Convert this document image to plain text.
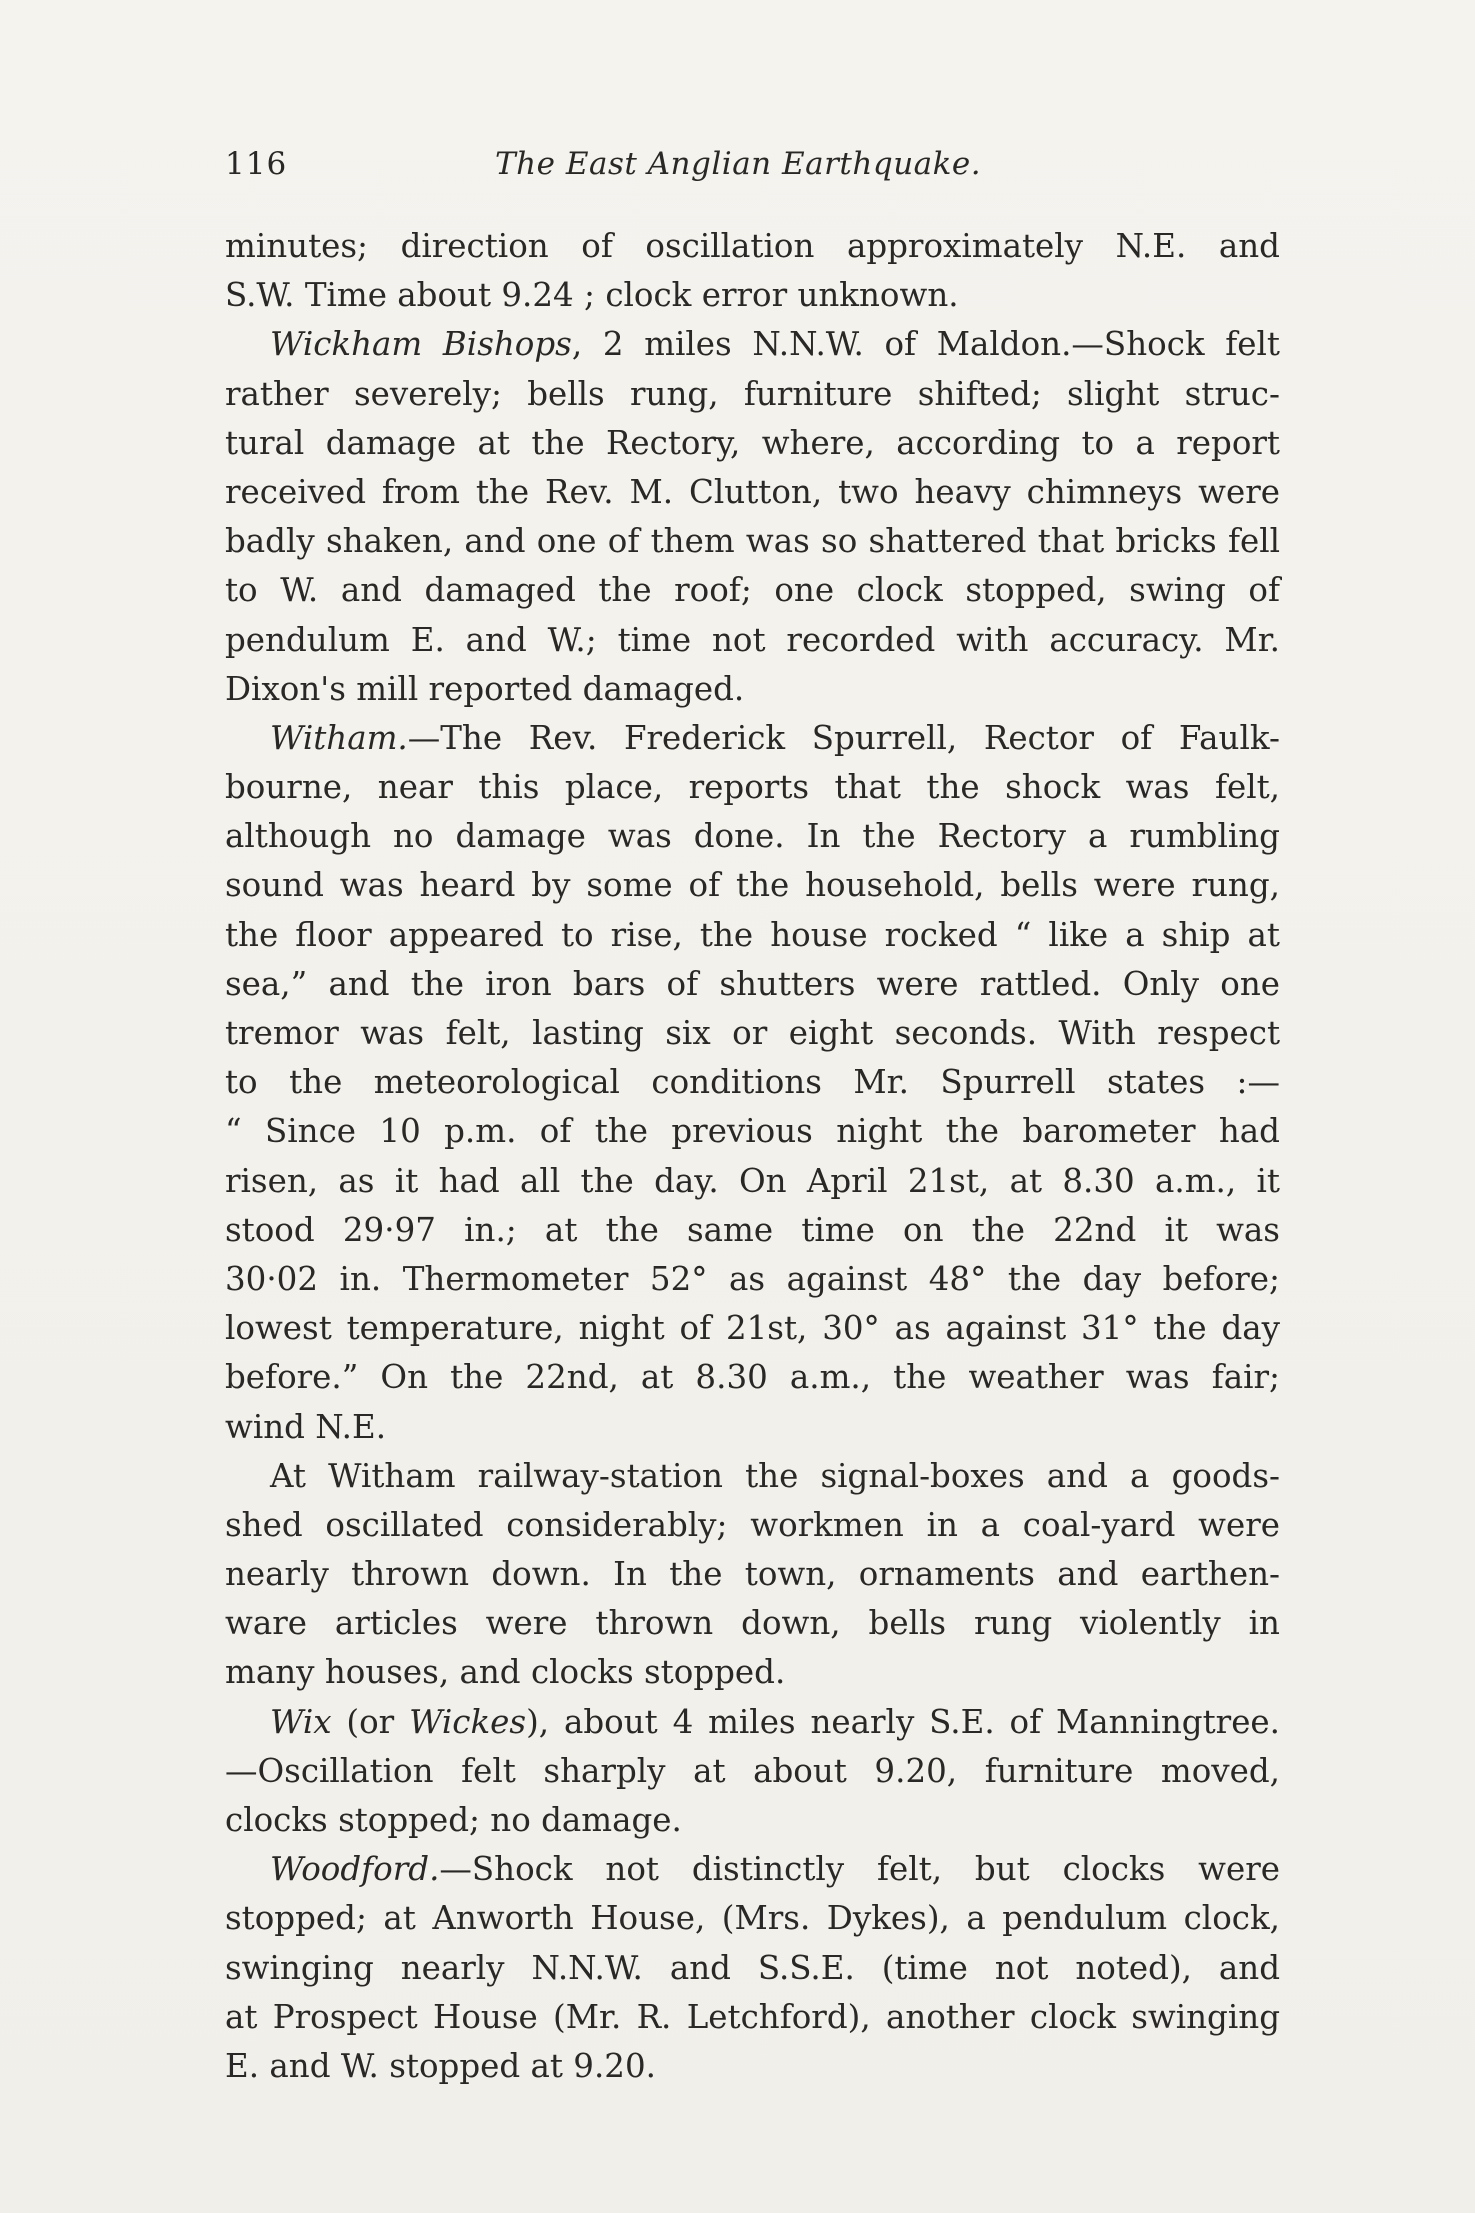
116	The East Anglian Earthquake.
minutes; direction of oscillation approximately N.E. and
S.W. Time about 9.24 ; clock error unknown.
Wickham Bishops, 2 miles N.N.W. of Maldon.—Shock felt
rather severely; bells rung, furniture shifted; slight struc-
tural damage at the Rectory, where, according to a report
received from the Rev. M. Clutton, two heavy chimneys were
badly shaken, and one of them was so shattered that bricks fell
to W. and damaged the roof; one clock stopped, swing of
pendulum E. and W.; time not recorded with accuracy. Mr.
Dixon's mill reported damaged.
Witham.—The Rev. Frederick Spurrell, Rector of Faulk-
bourne, near this place, reports that the shock was felt,
although no damage was done. In the Rectory a rumbling
sound was heard by some of the household, bells were rung,
the floor appeared to rise, the house rocked “ like a ship at
sea,” and the iron bars of shutters were rattled. Only one
tremor was felt, lasting six or eight seconds. With respect
to the meteorological conditions Mr. Spurrell states :—
“ Since 10 p.m. of the previous night the barometer had
risen, as it had all the day. On April 21st, at 8.30 a.m., it
stood 29·97 in.; at the same time on the 22nd it was
30·02 in. Thermometer 52° as against 48° the day before;
lowest temperature, night of 21st, 30° as against 31° the day
before.” On the 22nd, at 8.30 a.m., the weather was fair;
wind N.E.
At Witham railway-station the signal-boxes and a goods-
shed oscillated considerably; workmen in a coal-yard were
nearly thrown down. In the town, ornaments and earthen-
ware articles were thrown down, bells rung violently in
many houses, and clocks stopped.
Wix (or Wickes), about 4 miles nearly S.E. of Manningtree.
—Oscillation felt sharply at about 9.20, furniture moved,
clocks stopped; no damage.
Woodford.—Shock not distinctly felt, but clocks were
stopped; at Anworth House, (Mrs. Dykes), a pendulum clock,
swinging nearly N.N.W. and S.S.E. (time not noted), and
at Prospect House (Mr. R. Letchford), another clock swinging
E. and W. stopped at 9.20.
